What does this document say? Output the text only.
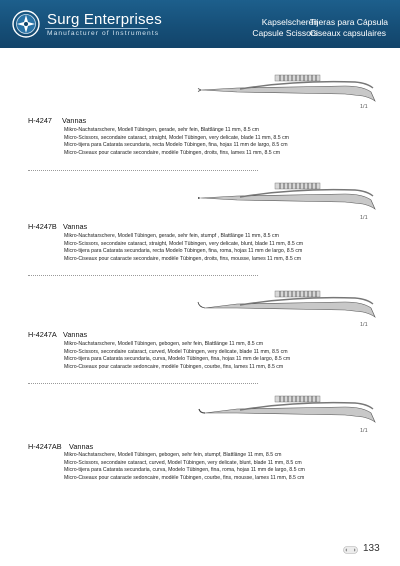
Surg Enterprises
Manufacturer of Instruments
Kapselscheren
Capsule Scissors
Tijeras para Cápsula
Ciseaux capsulaires
1/1
H-4247 Vannas
Mikro-Nachstarschere, Modell Tübingen, gerade, sehr fein, Blattlänge 11 mm, 8.5 cm
Micro-Scissors, secondaire cataract, straight, Model Tübingen, very delicate, blade 11 mm, 8.5 cm
Micro-tijera para Catarata secundaria, recta Modelo Tübingen, fina, hojas 11 mm de largo, 8.5 cm
Micro-Ciseaux pour cataracte secondaire, modèle Tübingen, droits, fins, lames 11 mm, 8.5 cm
1/1
H-4247B Vannas
Mikro-Nachstarschere, Modell Tübingen, gerade, sehr fein, stumpf , Blattlänge 11 mm, 8.5 cm
Micro-Scissors, secondaire cataract, straight, Model Tübingen, very delicate, blunt, blade 11 mm, 8.5 cm
Micro-tijera para Catarata secundaria, recta Modelo Tübingen, fina, roma, hojas 11 mm de largo, 8.5 cm
Micro-Ciseaux pour cataracte secondaire, modèle Tübingen, droits, fins, mousse, lames 11 mm, 8.5 cm
1/1
H-4247A Vannas
Mikro-Nachstarschere, Modell Tübingen, gebogen, sehr fein, Blattlänge 11 mm, 8.5 cm
Micro-Scissors, secondaire cataract, curved, Model Tübingen, very delicate, blade 11 mm, 8.5 cm
Micro-tijera para Catarata secundaria, curva, Modelo Tübingen, fina, hojas 11 mm de largo, 8.5 cm
Micro-Ciseaux pour cataracte sedoncaire, modèle Tübingen, courbe, fins, lames 11 mm, 8.5 cm
1/1
H-4247AB Vannas
Mikro-Nachstarschere, Modell Tübingen, gebogen, sehr fein, stumpf, Blattlänge 11 mm, 8.5 cm
Micro-Scissors, secondaire cataract, curved, Model Tübingen, very delicate, blunt, blade 11 mm, 8.5 cm
Micro-tijera para Catarata secundaria, curva, Modelo Tübingen, fina, roma, hojas 11 mm de largo, 8.5 cm
Micro-Ciseaux pour cataracte sedoncaire, modèle Tübingen, courbe, fins, mousse, lames 11 mm, 8.5 cm
133
